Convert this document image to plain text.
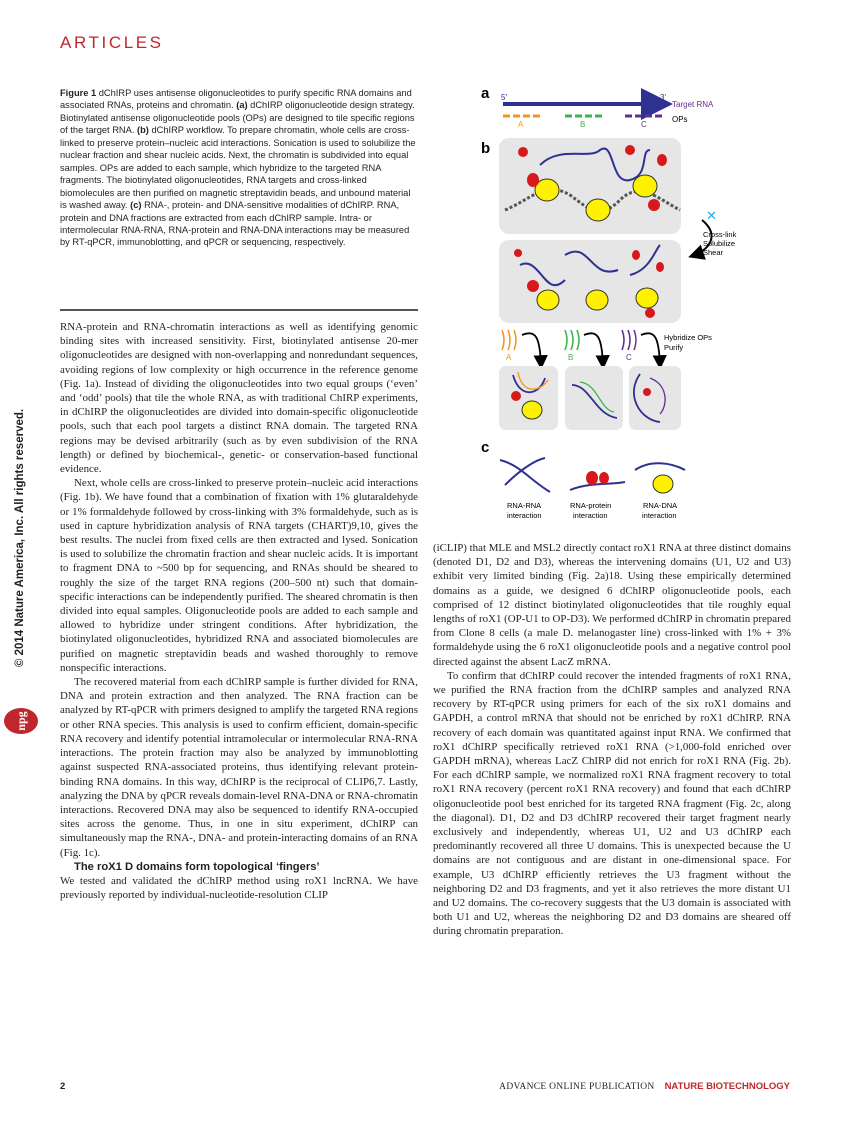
ARTICLES
Figure 1 dChIRP uses antisense oligonucleotides to purify specific RNA domains and associated RNAs, proteins and chromatin. (a) dChIRP oligonucleotide design strategy. Biotinylated antisense oligonucleotide pools (OPs) are designed to tile specific regions of the target RNA. (b) dChIRP workflow. To prepare chromatin, whole cells are cross-linked to preserve protein–nucleic acid interactions. Sonication is used to solubilize the nuclear fraction and shear nucleic acids. Next, the chromatin is subdivided into equal samples. OPs are added to each sample, which hybridize to the targeted RNA fragments. The biotinylated oligonucleotides, RNA targets and cross-linked biomolecules are then purified on magnetic streptavidin beads, and unbound material is washed away. (c) RNA-, protein- and DNA-sensitive modalities of dChIRP. RNA, protein and DNA fractions are extracted from each dChIRP sample. Intra- or intermolecular RNA-RNA, RNA-protein and RNA-DNA interactions may be measured by RT-qPCR, immunoblotting, and qPCR or sequencing, respectively.

RNA-protein and RNA-chromatin interactions as well as identifying genomic binding sites with increased sensitivity. First, biotinylated antisense 20-mer oligonucleotides are designed with non-overlapping and nonredundant sequences, avoiding regions of low complexity or high occurrence in the reference genome (Fig. 1a). Instead of dividing the oligonucleotides into two equal groups (‘even’ and ‘odd’ pools) that tile the whole RNA, as with traditional ChIRP experiments, in dChIRP the oligonucleotides are divided into domain-specific oligonucleotide pools, such that each pool targets a distinct RNA domain. The targeted RNA regions may be devised arbitrarily (such as by even subdivision of the RNA length) or defined by biochemical-, genetic- or conservation-based functional evidence.

Next, whole cells are cross-linked to preserve protein–nucleic acid interactions (Fig. 1b). We have found that a combination of fixation with 1% glutaraldehyde or 1% formaldehyde followed by cross-linking with 3% formaldehyde, such as is used in capture hybridization analysis of RNA targets (CHART)9,10, gives the best results. The nuclei from fixed cells are then extracted and lysed. Sonication is used to solubilize the chromatin fraction and shear nucleic acids. It is important to fragment DNA to ~500 bp for sequencing, and RNAs should be sheared to roughly the size of the target RNA regions (200–500 nt) such that domain-specific interactions can be independently purified. The sheared chromatin is then divided into equal samples. Oligonucleotide pools are added to each sample and allowed to hybridize under stringent conditions. After hybridization, the biotinylated oligonucleotides, hybridized RNA and associated biomolecules are purified on magnetic streptavidin beads and washed thoroughly to remove nonspecific interactions.

The recovered material from each dChIRP sample is further divided for RNA, DNA and protein extraction and then analyzed. The RNA fraction can be analyzed by RT-qPCR with primers designed to amplify the targeted RNA regions or other RNA species. This analysis is used to confirm efficient, domain-specific RNA recovery and identify potential intramolecular or intermolecular RNA-RNA interactions. The protein fraction may also be analyzed by immunoblotting against suspected RNA-associated proteins, thus identifying relevant protein-binding RNA domains. In this way, dChIRP is the reciprocal of CLIP6,7. Lastly, analyzing the DNA by qPCR reveals domain-level RNA-DNA or RNA-chromatin interactions. Recovered DNA may also be sequenced to identify RNA-occupied sites across the genome. Thus, in one in situ experiment, dChIRP can simultaneously map the RNA-, DNA- and protein-interacting domains of an RNA (Fig. 1c).

The roX1 D domains form topological ‘fingers’

We tested and validated the dChIRP method using roX1 lncRNA. We have previously reported by individual-nucleotide-resolution CLIP

(iCLIP) that MLE and MSL2 directly contact roX1 RNA at three distinct domains (denoted D1, D2 and D3), whereas the intervening domains (U1, U2 and U3) exhibit very limited binding (Fig. 2a)18. Using these empirically determined domains as a guide, we designed 6 dChIRP oligonucleotide pools, each comprised of 12 distinct biotinylated oligonucleotides that tile roughly equal lengths of roX1 (OP-U1 to OP-D3). We performed dChIRP in chromatin prepared from Clone 8 cells (a male D. melanogaster line) cross-linked with 1% + 3% formaldehyde using the 6 roX1 oligonucleotide pools and a negative control pool directed against the absent LacZ mRNA.

To confirm that dChIRP could recover the intended fragments of roX1 RNA, we purified the RNA fraction from the dChIRP samples and analyzed RNA recovery by RT-qPCR using primers for each of the six roX1 domains and GAPDH, a control mRNA that should not be enriched by roX1 dChIRP. RNA recovery of each domain was quantitated against input RNA. We confirmed that roX1 dChIRP specifically retrieved roX1 RNA (>1,000-fold enriched over GAPDH mRNA), whereas LacZ ChIRP did not enrich for roX1 RNA (Fig. 2b). For each dChIRP sample, we normalized roX1 RNA fragment recovery to total roX1 RNA recovery (percent roX1 RNA recovery) and found that each dChIRP oligonucleotide pool best enriched for its targeted RNA fragment (Fig. 2c, along the diagonal). D1, D2 and D3 dChIRP recovered their target fragment nearly exclusively and independently, whereas U1, U2 and U3 dChIRP each predominantly recovered all three U domains. This is unexpected because the U domains are not contiguous and are distant in one-dimensional space. For example, U3 dChIRP efficiently retrieves the U3 fragment without the neighboring D2 and D3 fragments, and yet it also retrieves the more distant U1 and U2 domains. The co-recovery suggests that the U3 domain is associated with both U1 and U2, whereas the neighboring D2 and D3 domains are sheared off during chromatin preparation.

a 5′	3′
Target RNA
A	B	C
OPs
b
✕
Cross-link
Solubilize
Shear
A	B	C
Hybridize OPs
Purify
c
RNA-RNA
interaction
RNA-protein
interaction
RNA-DNA
interaction
© 2014 Nature America, Inc. All rights reserved.
npg
2	ADVANCE ONLINE PUBLICATION NATURE BIOTECHNOLOGY
